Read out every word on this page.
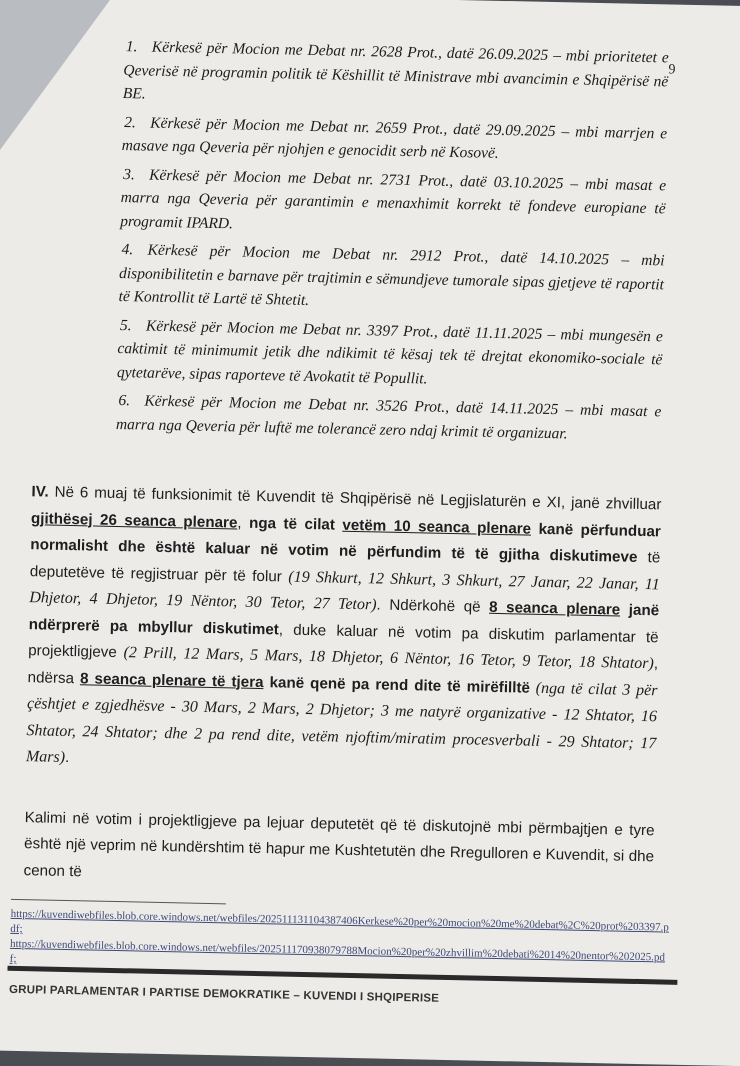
9
1. Kërkesë për Mocion me Debat nr. 2628 Prot., datë 26.09.2025 – mbi prioritetet e Qeverisë në programin politik të Këshillit të Ministrave mbi avancimin e Shqipërisë në BE.
2. Kërkesë për Mocion me Debat nr. 2659 Prot., datë 29.09.2025 – mbi marrjen e masave nga Qeveria për njohjen e genocidit serb në Kosovë.
3. Kërkesë për Mocion me Debat nr. 2731 Prot., datë 03.10.2025 – mbi masat e marra nga Qeveria për garantimin e menaxhimit korrekt të fondeve europiane të programit IPARD.
4. Kërkesë për Mocion me Debat nr. 2912 Prot., datë 14.10.2025 – mbi disponibilitetin e barnave për trajtimin e sëmundjeve tumorale sipas gjetjeve të raportit të Kontrollit të Lartë të Shtetit.
5. Kërkesë për Mocion me Debat nr. 3397 Prot., datë 11.11.2025 – mbi mungesën e caktimit të minimumit jetik dhe ndikimit të kësaj tek të drejtat ekonomiko-sociale të qytetarëve, sipas raporteve të Avokatit të Popullit.
6. Kërkesë për Mocion me Debat nr. 3526 Prot., datë 14.11.2025 – mbi masat e marra nga Qeveria për luftë me tolerancë zero ndaj krimit të organizuar.

IV. Në 6 muaj të funksionimit të Kuvendit të Shqipërisë në Legjislaturën e XI, janë zhvilluar gjithësej 26 seanca plenare, nga të cilat vetëm 10 seanca plenare kanë përfunduar normalisht dhe është kaluar në votim në përfundim të të gjitha diskutimeve të deputetëve të regjistruar për të folur (19 Shkurt, 12 Shkurt, 3 Shkurt, 27 Janar, 22 Janar, 11 Dhjetor, 4 Dhjetor, 19 Nëntor, 30 Tetor, 27 Tetor). Ndërkohë që 8 seanca plenare janë ndërprerë pa mbyllur diskutimet, duke kaluar në votim pa diskutim parlamentar të projektligjeve (2 Prill, 12 Mars, 5 Mars, 18 Dhjetor, 6 Nëntor, 16 Tetor, 9 Tetor, 18 Shtator), ndërsa 8 seanca plenare të tjera kanë qenë pa rend dite të mirëfilltë (nga të cilat 3 për çështjet e zgjedhësve - 30 Mars, 2 Mars, 2 Dhjetor; 3 me natyrë organizative - 12 Shtator, 16 Shtator, 24 Shtator; dhe 2 pa rend dite, vetëm njoftim/miratim procesverbali - 29 Shtator; 17 Mars).

Kalimi në votim i projektligjeve pa lejuar deputetët që të diskutojnë mbi përmbajtjen e tyre është një veprim në kundërshtim të hapur me Kushtetutën dhe Rregulloren e Kuvendit, si dhe cenon të

https://kuvendiwebfiles.blob.core.windows.net/webfiles/202511131104387406Kerkese%20per%20mocion%20me%20debat%2C%20prot%203397.pdf;
https://kuvendiwebfiles.blob.core.windows.net/webfiles/202511170938079788Mocion%20per%20zhvillim%20debati%2014%20nentor%202025.pdf;
GRUPI PARLAMENTAR I PARTISE DEMOKRATIKE – KUVENDI I SHQIPERISE
